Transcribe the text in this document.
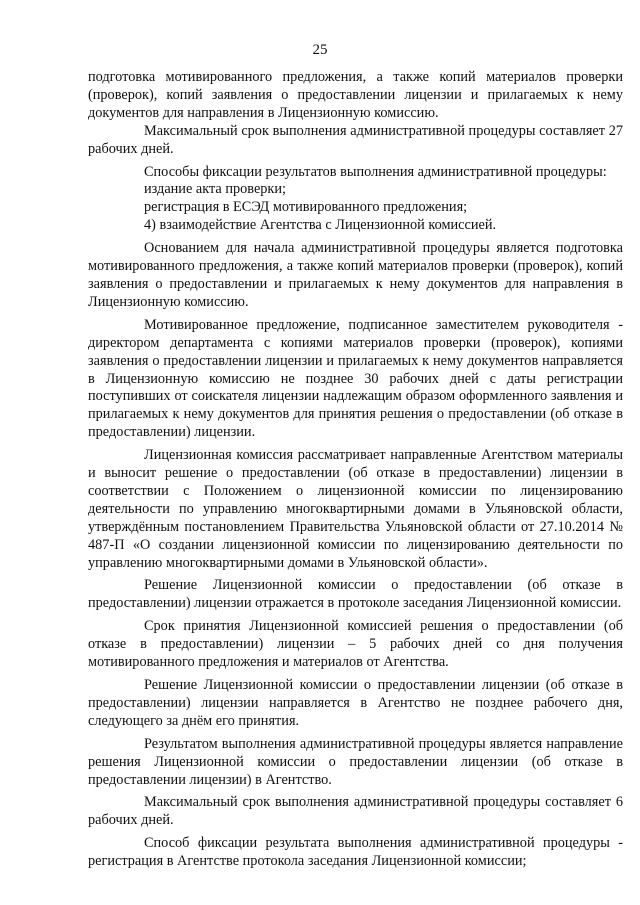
25

подготовка мотивированного предложения, а также копий материалов проверки (проверок), копий заявления о предоставлении лицензии и прилагаемых к нему документов для направления в Лицензионную комиссию.

Максимальный срок выполнения административной процедуры составляет 27 рабочих дней.

Способы фиксации результатов выполнения административной процедуры:

издание акта проверки;

регистрация в ЕСЭД мотивированного предложения;

4) взаимодействие Агентства с Лицензионной комиссией.

Основанием для начала административной процедуры является подготовка мотивированного предложения, а также копий материалов проверки (проверок), копий заявления о предоставлении и прилагаемых к нему документов для направления в Лицензионную комиссию.

Мотивированное предложение, подписанное заместителем руководителя - директором департамента с копиями материалов проверки (проверок), копиями заявления о предоставлении лицензии и прилагаемых к нему документов направляется в Лицензионную комиссию не позднее 30 рабочих дней с даты регистрации поступивших от соискателя лицензии надлежащим образом оформленного заявления и прилагаемых к нему документов для принятия решения о предоставлении (об отказе в предоставлении) лицензии.

Лицензионная комиссия рассматривает направленные Агентством материалы и выносит решение о предоставлении (об отказе в предоставлении) лицензии в соответствии с Положением о лицензионной комиссии по лицензированию деятельности по управлению многоквартирными домами в Ульяновской области, утверждённым постановлением Правительства Ульяновской области от 27.10.2014 № 487-П «О создании лицензионной комиссии по лицензированию деятельности по управлению многоквартирными домами в Ульяновской области».

Решение Лицензионной комиссии о предоставлении (об отказе в предоставлении) лицензии отражается в протоколе заседания Лицензионной комиссии.

Срок принятия Лицензионной комиссией решения о предоставлении (об отказе в предоставлении) лицензии – 5 рабочих дней со дня получения мотивированного предложения и материалов от Агентства.

Решение Лицензионной комиссии о предоставлении лицензии (об отказе в предоставлении) лицензии направляется в Агентство не позднее рабочего дня, следующего за днём его принятия.

Результатом выполнения административной процедуры является направление решения Лицензионной комиссии о предоставлении лицензии (об отказе в предоставлении лицензии) в Агентство.

Максимальный срок выполнения административной процедуры составляет 6 рабочих дней.

Способ фиксации результата выполнения административной процедуры - регистрация в Агентстве протокола заседания Лицензионной комиссии;
